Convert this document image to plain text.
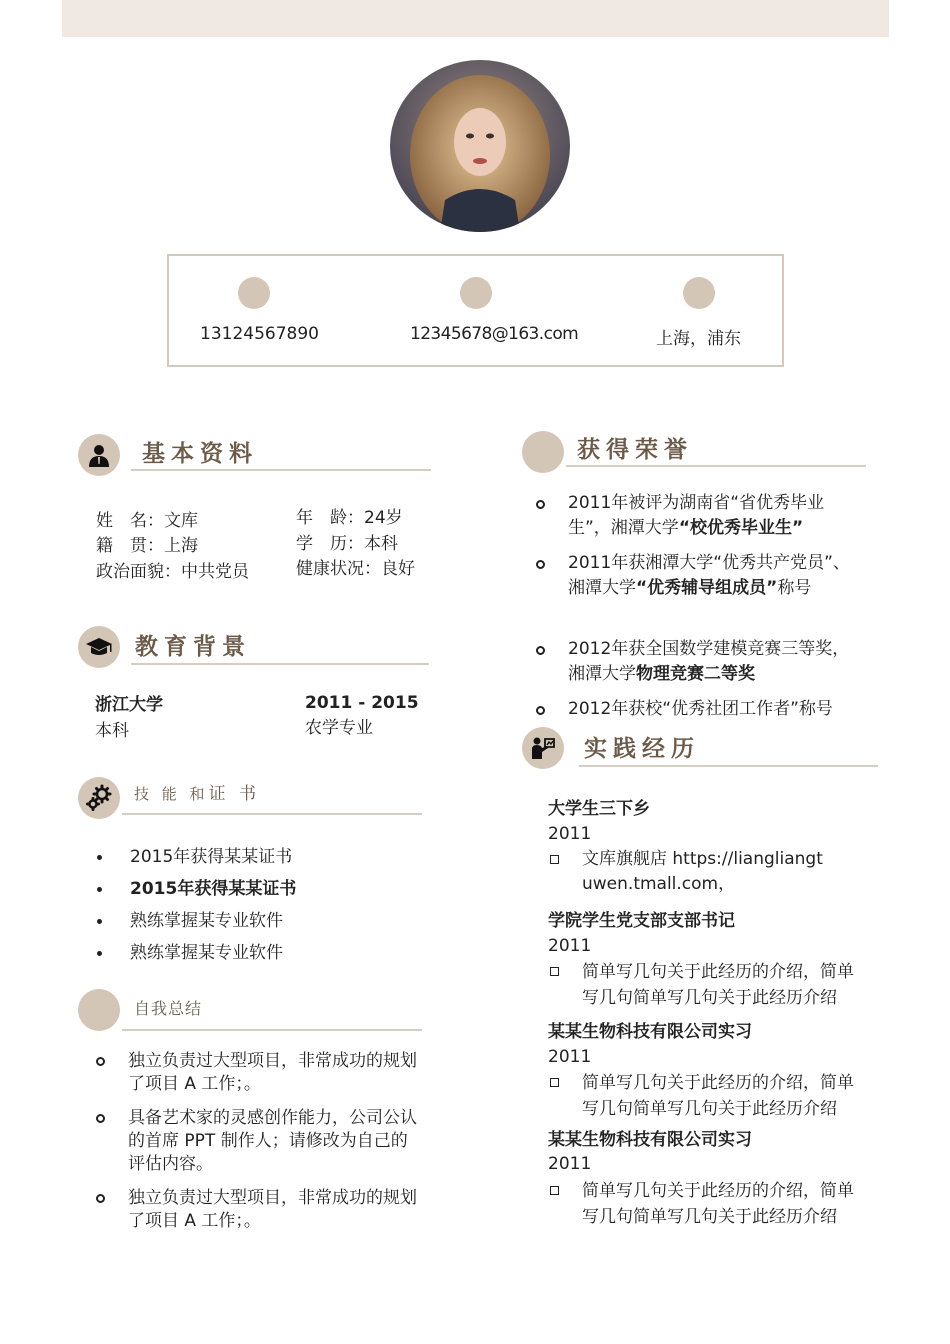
13124567890	12345678@163.com	上海，浦东
基本资料
姓　名：文库
籍　贯：上海
政治面貌：中共党员
年　龄：24岁
学　历：本科
健康状况：良好
教育背景
浙江大学
本科
2011 - 2015
农学专业
技 能 和证 书
2015年获得某某证书
2015年获得某某证书
熟练掌握某专业软件
熟练掌握某专业软件
自我总结
独立负责过大型项目，非常成功的规划了项目 A 工作；。
具备艺术家的灵感创作能力，公司公认的首席 PPT 制作人；请修改为自己的评估内容。
独立负责过大型项目，非常成功的规划了项目 A 工作；。
获得荣誉
2011年被评为湖南省“省优秀毕业生”，湘潭大学“校优秀毕业生”
2011年获湘潭大学“优秀共产党员”、湘潭大学“优秀辅导组成员”称号
2012年获全国数学建模竞赛三等奖，湘潭大学物理竞赛二等奖
2012年获校“优秀社团工作者”称号
实践经历
大学生三下乡
2011
文库旗舰店 https://liangliangtuwen.tmall.com，
学院学生党支部支部书记
2011
简单写几句关于此经历的介绍，简单写几句简单写几句关于此经历介绍
某某生物科技有限公司实习
2011
简单写几句关于此经历的介绍，简单写几句简单写几句关于此经历介绍
某某生物科技有限公司实习
2011
简单写几句关于此经历的介绍，简单写几句简单写几句关于此经历介绍
